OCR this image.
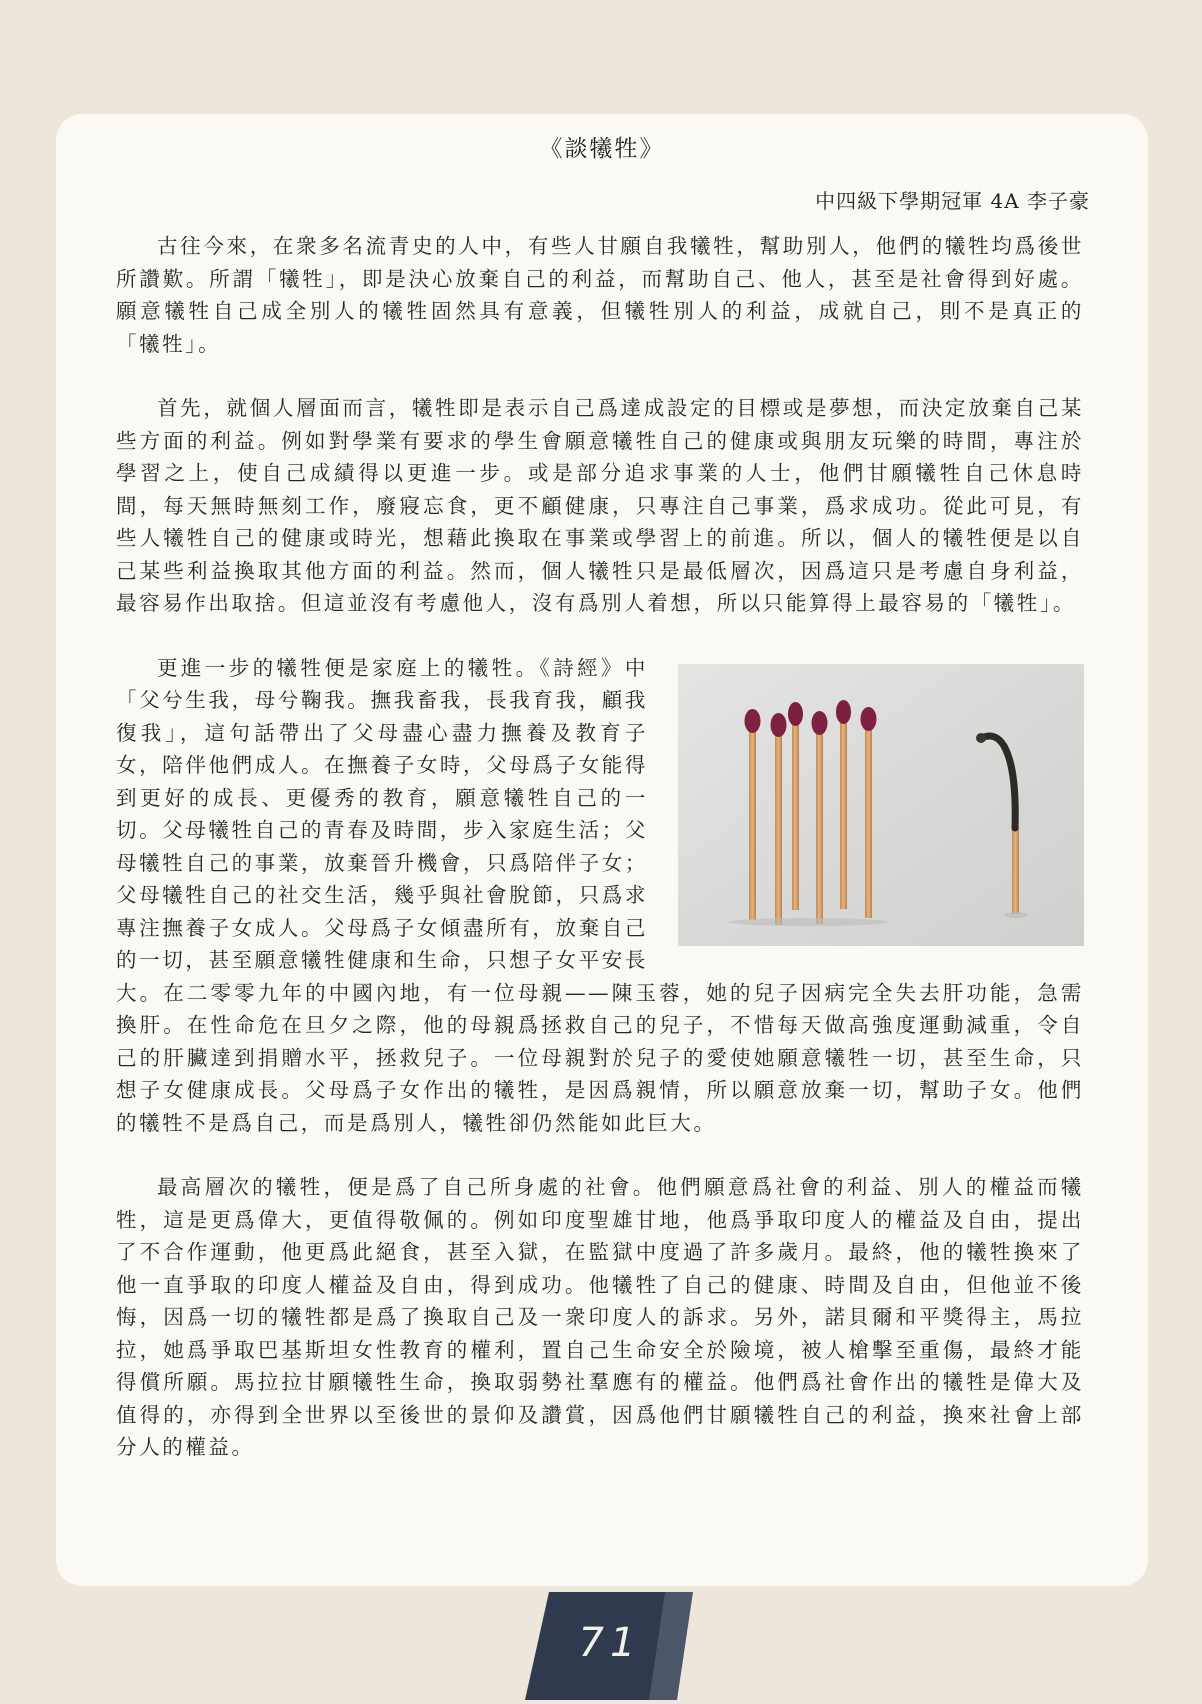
《談犧牲》
中四級下學期冠軍 4A 李子豪

古往今來，在衆多名流青史的人中，有些人甘願自我犧牲，幫助別人，他們的犧牲均爲後世所讚歎。所謂「犧牲」，即是決心放棄自己的利益，而幫助自己、他人，甚至是社會得到好處。願意犧牲自己成全別人的犧牲固然具有意義，但犧牲別人的利益，成就自己，則不是真正的「犧牲」。

首先，就個人層面而言，犧牲即是表示自己爲達成設定的目標或是夢想，而決定放棄自己某些方面的利益。例如對學業有要求的學生會願意犧牲自己的健康或與朋友玩樂的時間，專注於學習之上，使自己成績得以更進一步。或是部分追求事業的人士，他們甘願犧牲自己休息時間，每天無時無刻工作，廢寢忘食，更不顧健康，只專注自己事業，爲求成功。從此可見，有些人犧牲自己的健康或時光，想藉此換取在事業或學習上的前進。所以，個人的犧牲便是以自己某些利益換取其他方面的利益。然而，個人犧牲只是最低層次，因爲這只是考慮自身利益，最容易作出取捨。但這並沒有考慮他人，沒有爲別人着想，所以只能算得上最容易的「犧牲」。

更進一步的犧牲便是家庭上的犧牲。《詩經》中「父兮生我，母兮鞠我。撫我畜我，長我育我，顧我復我」，這句話帶出了父母盡心盡力撫養及教育子女，陪伴他們成人。在撫養子女時，父母爲子女能得到更好的成長、更優秀的教育，願意犧牲自己的一切。父母犧牲自己的青春及時間，步入家庭生活；父母犧牲自己的事業，放棄晉升機會，只爲陪伴子女；父母犧牲自己的社交生活，幾乎與社會脫節，只爲求專注撫養子女成人。父母爲子女傾盡所有，放棄自己的一切，甚至願意犧牲健康和生命，只想子女平安長大。在二零零九年的中國內地，有一位母親——陳玉蓉，她的兒子因病完全失去肝功能，急需換肝。在性命危在旦夕之際，他的母親爲拯救自己的兒子，不惜每天做高強度運動減重，令自己的肝臟達到捐贈水平，拯救兒子。一位母親對於兒子的愛使她願意犧牲一切，甚至生命，只想子女健康成長。父母爲子女作出的犧牲，是因爲親情，所以願意放棄一切，幫助子女。他們的犧牲不是爲自己，而是爲別人，犧牲卻仍然能如此巨大。

最高層次的犧牲，便是爲了自己所身處的社會。他們願意爲社會的利益、別人的權益而犧牲，這是更爲偉大，更值得敬佩的。例如印度聖雄甘地，他爲爭取印度人的權益及自由，提出了不合作運動，他更爲此絕食，甚至入獄，在監獄中度過了許多歲月。最終，他的犧牲換來了他一直爭取的印度人權益及自由，得到成功。他犧牲了自己的健康、時間及自由，但他並不後悔，因爲一切的犧牲都是爲了換取自己及一衆印度人的訴求。另外，諾貝爾和平獎得主，馬拉拉，她爲爭取巴基斯坦女性教育的權利，置自己生命安全於險境，被人槍擊至重傷，最終才能得償所願。馬拉拉甘願犧牲生命，換取弱勢社羣應有的權益。他們爲社會作出的犧牲是偉大及值得的，亦得到全世界以至後世的景仰及讚賞，因爲他們甘願犧牲自己的利益，換來社會上部分人的權益。

71
